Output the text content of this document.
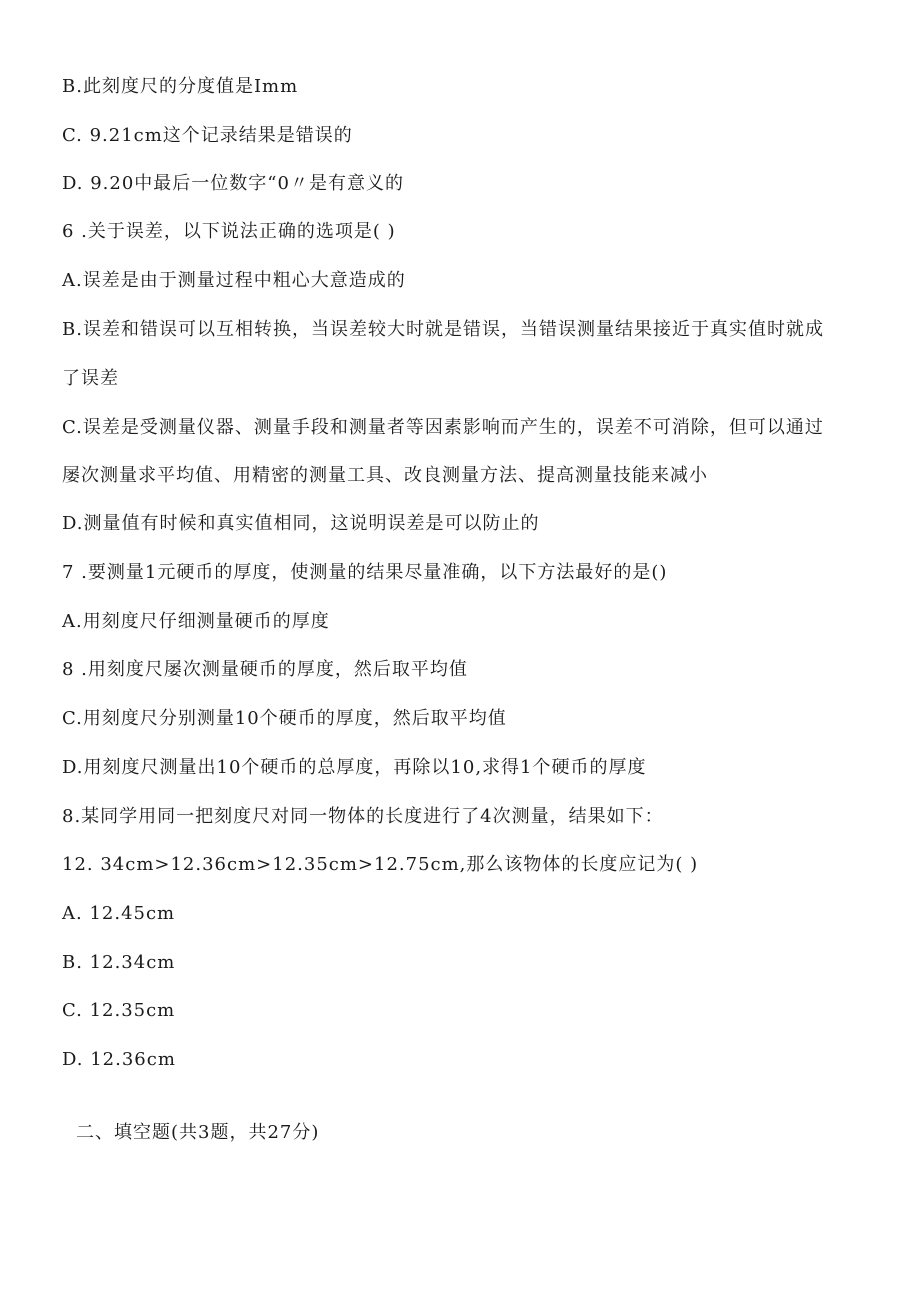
B.此刻度尺的分度值是Imm
C. 9.21cm这个记录结果是错误的
D. 9.20中最后一位数字“0〃是有意义的
6 .关于误差，以下说法正确的选项是( )
A.误差是由于测量过程中粗心大意造成的
B.误差和错误可以互相转换，当误差较大时就是错误，当错误测量结果接近于真实值时就成
了误差
C.误差是受测量仪器、测量手段和测量者等因素影响而产生的，误差不可消除，但可以通过
屡次测量求平均值、用精密的测量工具、改良测量方法、提高测量技能来减小
D.测量值有时候和真实值相同，这说明误差是可以防止的
7 .要测量1元硬币的厚度，使测量的结果尽量准确，以下方法最好的是()
A.用刻度尺仔细测量硬币的厚度
8 .用刻度尺屡次测量硬币的厚度，然后取平均值
C.用刻度尺分别测量10个硬币的厚度，然后取平均值
D.用刻度尺测量出10个硬币的总厚度，再除以10,求得1个硬币的厚度
8.某同学用同一把刻度尺对同一物体的长度进行了4次测量，结果如下：
12. 34cm>12.36cm>12.35cm>12.75cm,那么该物体的长度应记为( )
A. 12.45cm
B. 12.34cm
C. 12.35cm
D. 12.36cm
二、填空题(共3题，共27分)
